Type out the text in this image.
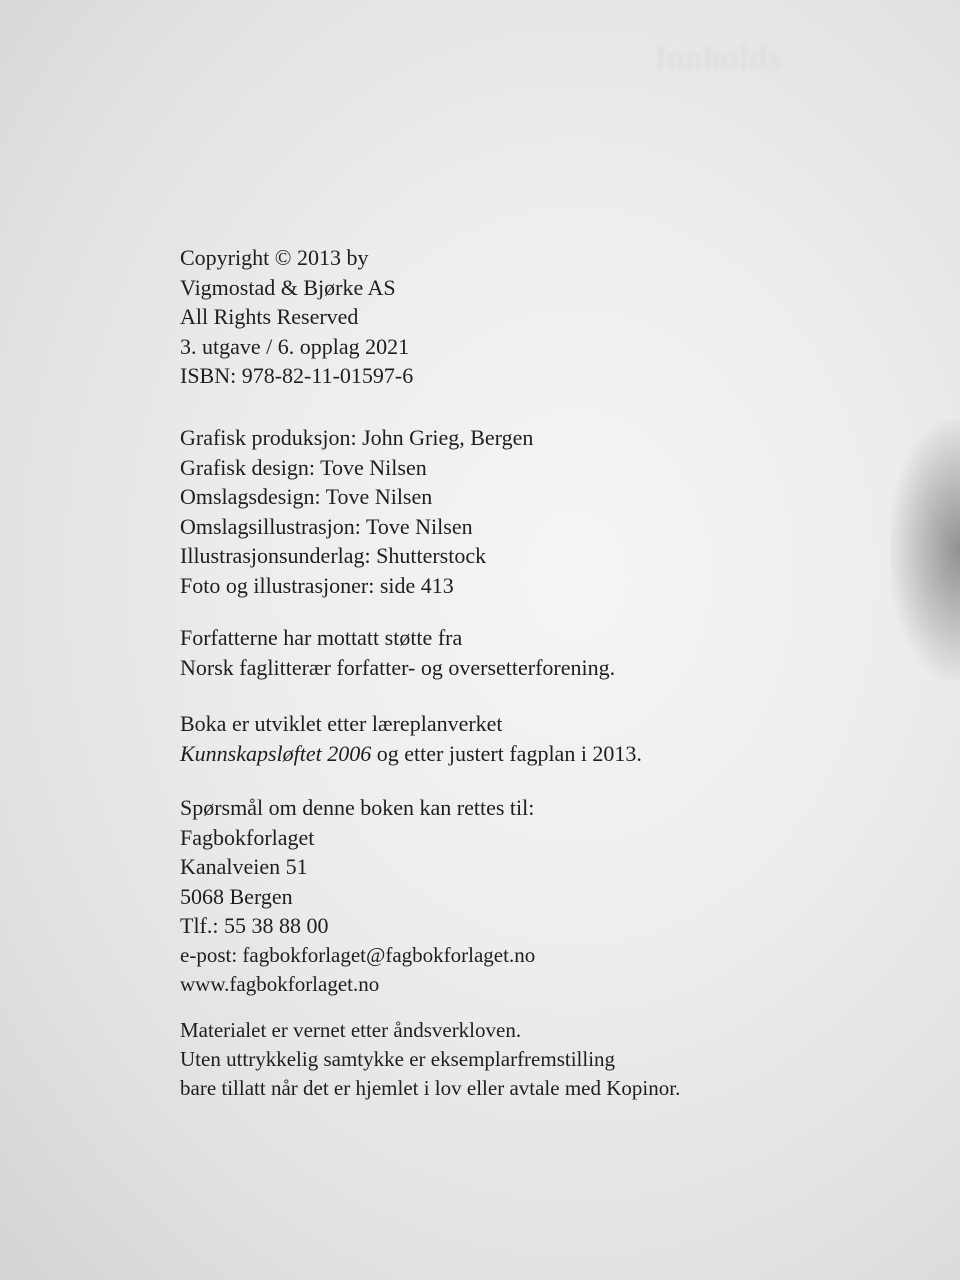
Innholds
Copyright © 2013 by
Vigmostad & Bjørke AS
All Rights Reserved
3. utgave / 6. opplag 2021
ISBN: 978-82-11-01597-6
Grafisk produksjon: John Grieg, Bergen
Grafisk design: Tove Nilsen
Omslagsdesign: Tove Nilsen
Omslagsillustrasjon: Tove Nilsen
Illustrasjonsunderlag: Shutterstock
Foto og illustrasjoner: side 413
Forfatterne har mottatt støtte fra
Norsk faglitterær forfatter- og oversetterforening.
Boka er utviklet etter læreplanverket
Kunnskapsløftet 2006 og etter justert fagplan i 2013.
Spørsmål om denne boken kan rettes til:
Fagbokforlaget
Kanalveien 51
5068 Bergen
Tlf.: 55 38 88 00
e-post: fagbokforlaget@fagbokforlaget.no
www.fagbokforlaget.no
Materialet er vernet etter åndsverkloven.
Uten uttrykkelig samtykke er eksemplarfremstilling
bare tillatt når det er hjemlet i lov eller avtale med Kopinor.
